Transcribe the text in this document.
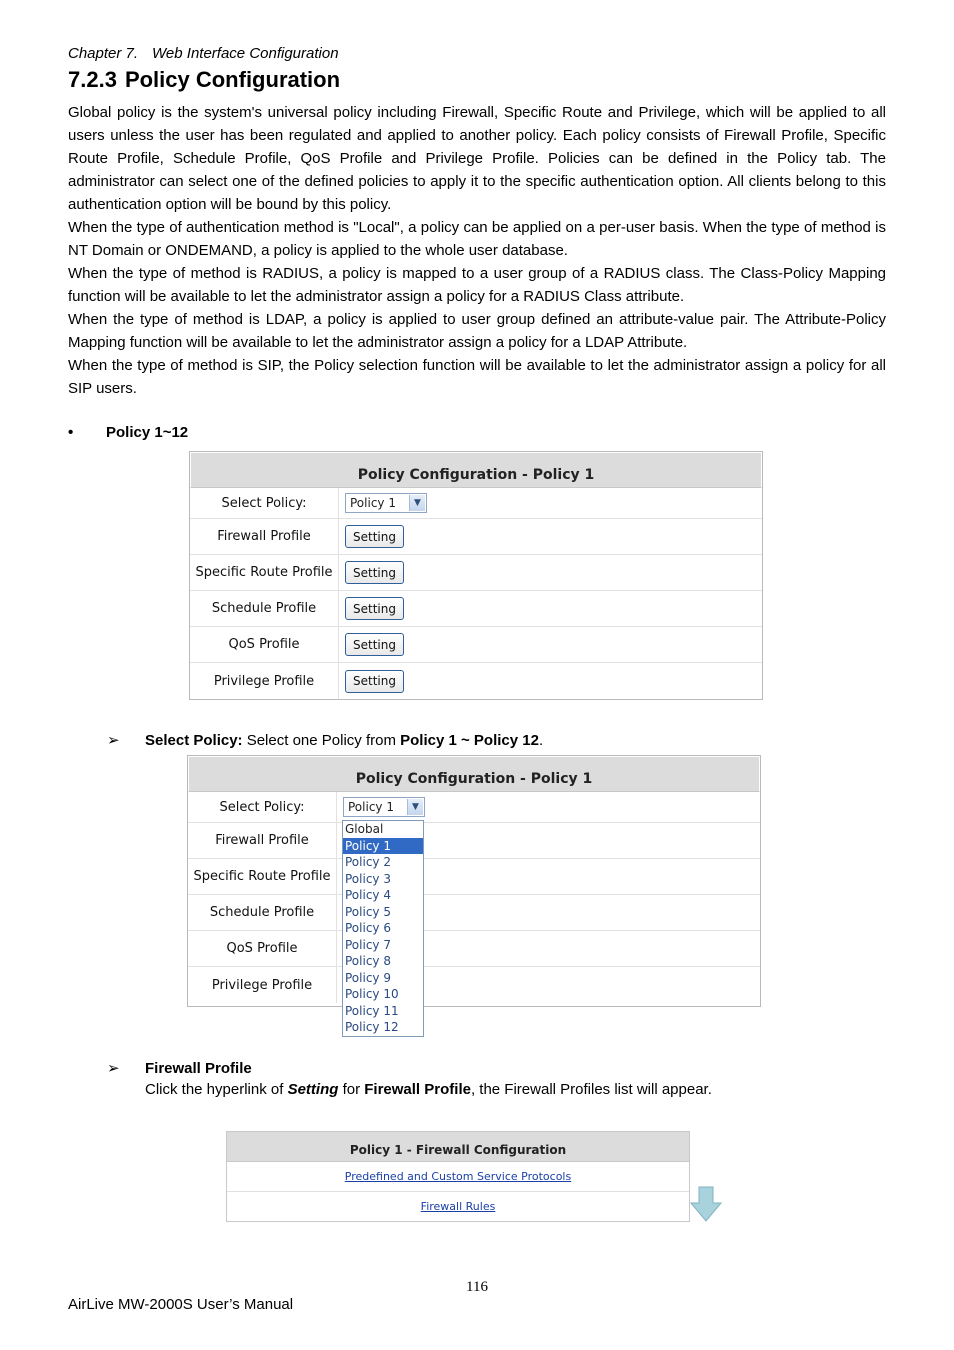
Chapter 7. Web Interface Configuration
7.2.3 Policy Configuration

Global policy is the system's universal policy including Firewall, Specific Route and Privilege, which will be applied to all users unless the user has been regulated and applied to another policy. Each policy consists of Firewall Profile, Specific Route Profile, Schedule Profile, QoS Profile and Privilege Profile. Policies can be defined in the Policy tab. The administrator can select one of the defined policies to apply it to the specific authentication option. All clients belong to this authentication option will be bound by this policy.

When the type of authentication method is "Local", a policy can be applied on a per-user basis. When the type of method is NT Domain or ONDEMAND, a policy is applied to the whole user database.

When the type of method is RADIUS, a policy is mapped to a user group of a RADIUS class. The Class-Policy Mapping function will be available to let the administrator assign a policy for a RADIUS Class attribute.

When the type of method is LDAP, a policy is applied to user group defined an attribute-value pair. The Attribute-Policy Mapping function will be available to let the administrator assign a policy for a LDAP Attribute.

When the type of method is SIP, the Policy selection function will be available to let the administrator assign a policy for all SIP users.

• Policy 1~12
Policy Configuration - Policy 1
Select Policy:	Policy 1	▼
Firewall Profile	Setting
Specific Route Profile	Setting
Schedule Profile	Setting
QoS Profile	Setting
Privilege Profile	Setting
➢ Select Policy: Select one Policy from Policy 1 ~ Policy 12.
Policy Configuration - Policy 1
Select Policy:	Policy 1	▼
Firewall Profile
Specific Route Profile
Schedule Profile
QoS Profile
Privilege Profile
Global
Policy 1
Policy 2
Policy 3
Policy 4
Policy 5
Policy 6
Policy 7
Policy 8
Policy 9
Policy 10
Policy 11
Policy 12
➢ Firewall Profile
Click the hyperlink of Setting for Firewall Profile, the Firewall Profiles list will appear.
Policy 1 - Firewall Configuration
Predefined and Custom Service Protocols
Firewall Rules
116
AirLive MW-2000S User’s Manual
